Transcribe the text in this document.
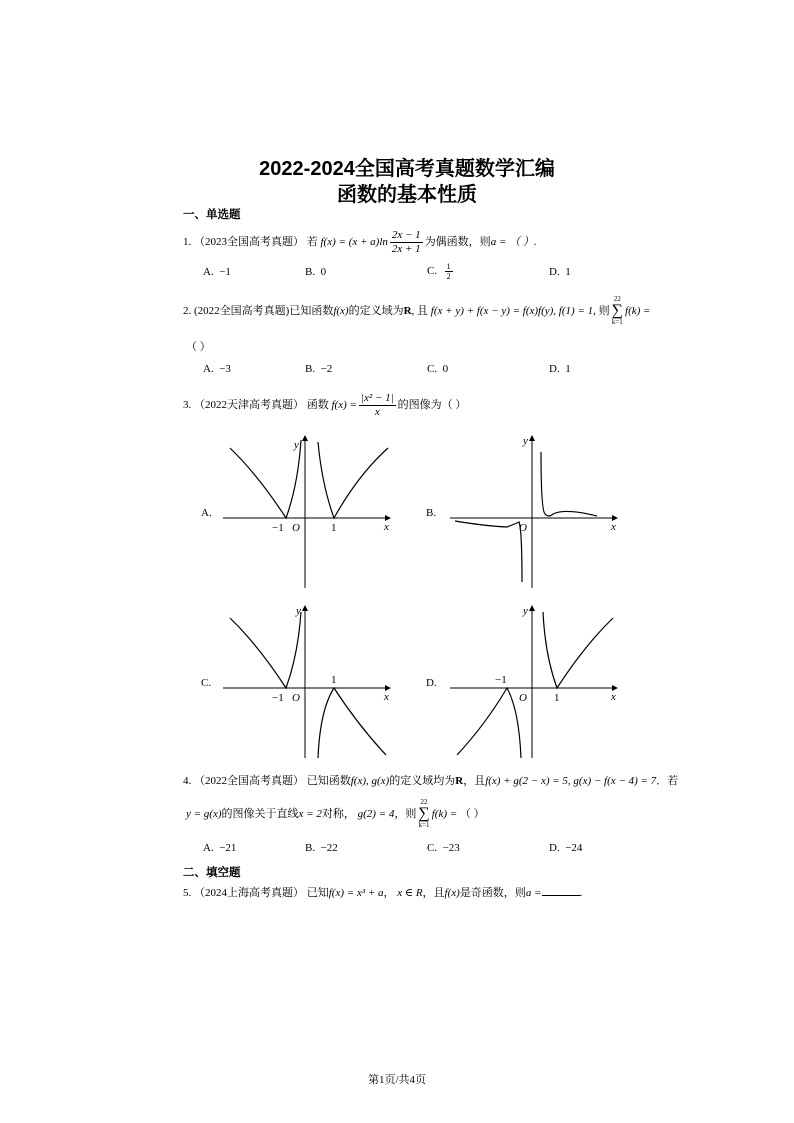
2022-2024全国高考真题数学汇编
函数的基本性质
一、单选题
1. （2023全国高考真题） 若 $f(x) = (x + a)\ln \frac{2x - 1}{2x + 1}$ 为偶函数，则a = （ ）.
A. −1	B. 0	C. $\frac{1}{2}$	D. 1
2. (2022全国高考真题)已知函数f(x)的定义域为R, 且 f(x + y) + f(x − y) = f(x)f(y), f(1) = 1, 则
22
∑
k=1
f(k) =
（ ）
A. −3	B. −2	C. 0	D. 1
3. （2022天津高考真题） 函数 $f(x) = \frac{\text{|x² − 1|}}{x}$ 的图像为（ ）
A.
y
x
O
−1	1
B.
y
x
O
C.
y
x
O
−1
1	D.
y
x
O
−1
1
4. （2022全国高考真题） 已知函数f(x), g(x)的定义域均为R，且f(x) + g(2 − x) = 5, g(x) − f(x − 4) = 7．若
y = g(x)的图像关于直线x = 2对称， g(2) = 4，则
22
∑
k=1
f(k) = （ ）
A. −21	B. −22	C. −23	D. −24
二、填空题
5. （2024上海高考真题） 已知f(x) = x³ + a， x ∈ R，且f(x)是奇函数，则a =	.
第1页/共4页
